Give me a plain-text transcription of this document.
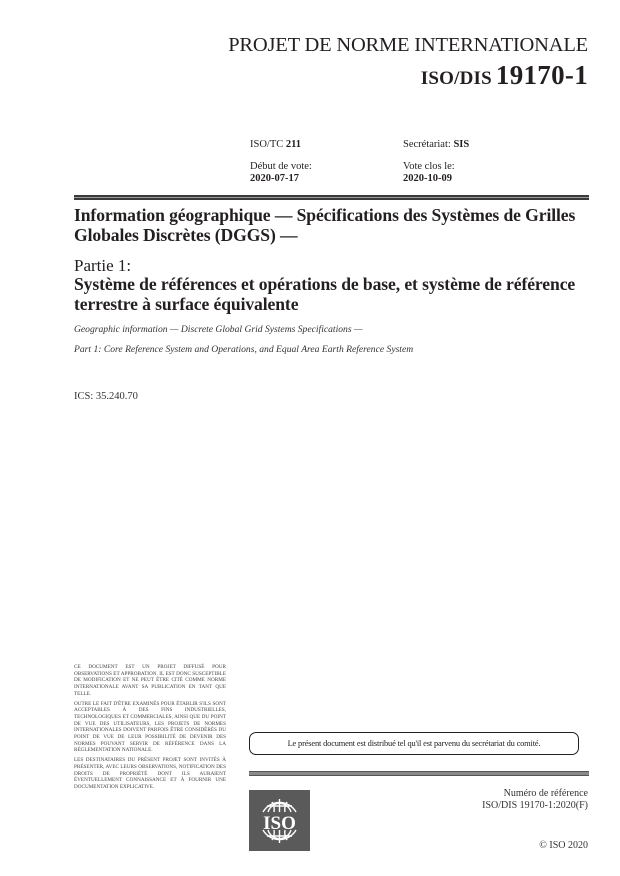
PROJET DE NORME INTERNATIONALE
ISO/DIS 19170-1
ISO/TC 211	Secrétariat: SIS
Début de vote:
2020-07-17
Vote clos le:
2020-10-09
Information géographique — Spécifications des Systèmes de Grilles Globales Discrètes (DGGS) —
Partie 1:
Système de références et opérations de base, et système de référence terrestre à surface équivalente
Geographic information — Discrete Global Grid Systems Specifications —
Part 1: Core Reference System and Operations, and Equal Area Earth Reference System
ICS: 35.240.70

CE DOCUMENT EST UN PROJET DIFFUSÉ POUR OBSERVATIONS ET APPROBATION. IL EST DONC SUSCEPTIBLE DE MODIFICATION ET NE PEUT ÊTRE CITÉ COMME NORME INTERNATIONALE AVANT SA PUBLICATION EN TANT QUE TELLE.

OUTRE LE FAIT D'ÊTRE EXAMINÉS POUR ÉTABLIR S'ILS SONT ACCEPTABLES À DES FINS INDUSTRIELLES, TECHNOLOGIQUES ET COMMERCIALES, AINSI QUE DU POINT DE VUE DES UTILISATEURS, LES PROJETS DE NORMES INTERNATIONALES DOIVENT PARFOIS ÊTRE CONSIDÉRÉS DU POINT DE VUE DE LEUR POSSIBILITÉ DE DEVENIR DES NORMES POUVANT SERVIR DE RÉFÉRENCE DANS LA RÉGLEMENTATION NATIONALE.

LES DESTINATAIRES DU PRÉSENT PROJET SONT INVITÉS À PRÉSENTER, AVEC LEURS OBSERVATIONS, NOTIFICATION DES DROITS DE PROPRIÉTÉ DONT ILS AURAIENT ÉVENTUELLEMENT CONNAISSANCE ET À FOURNIR UNE DOCUMENTATION EXPLICATIVE.

Le présent document est distribué tel qu'il est parvenu du secrétariat du comité.
ISO
Numéro de référence
ISO/DIS 19170-1:2020(F)
© ISO 2020
